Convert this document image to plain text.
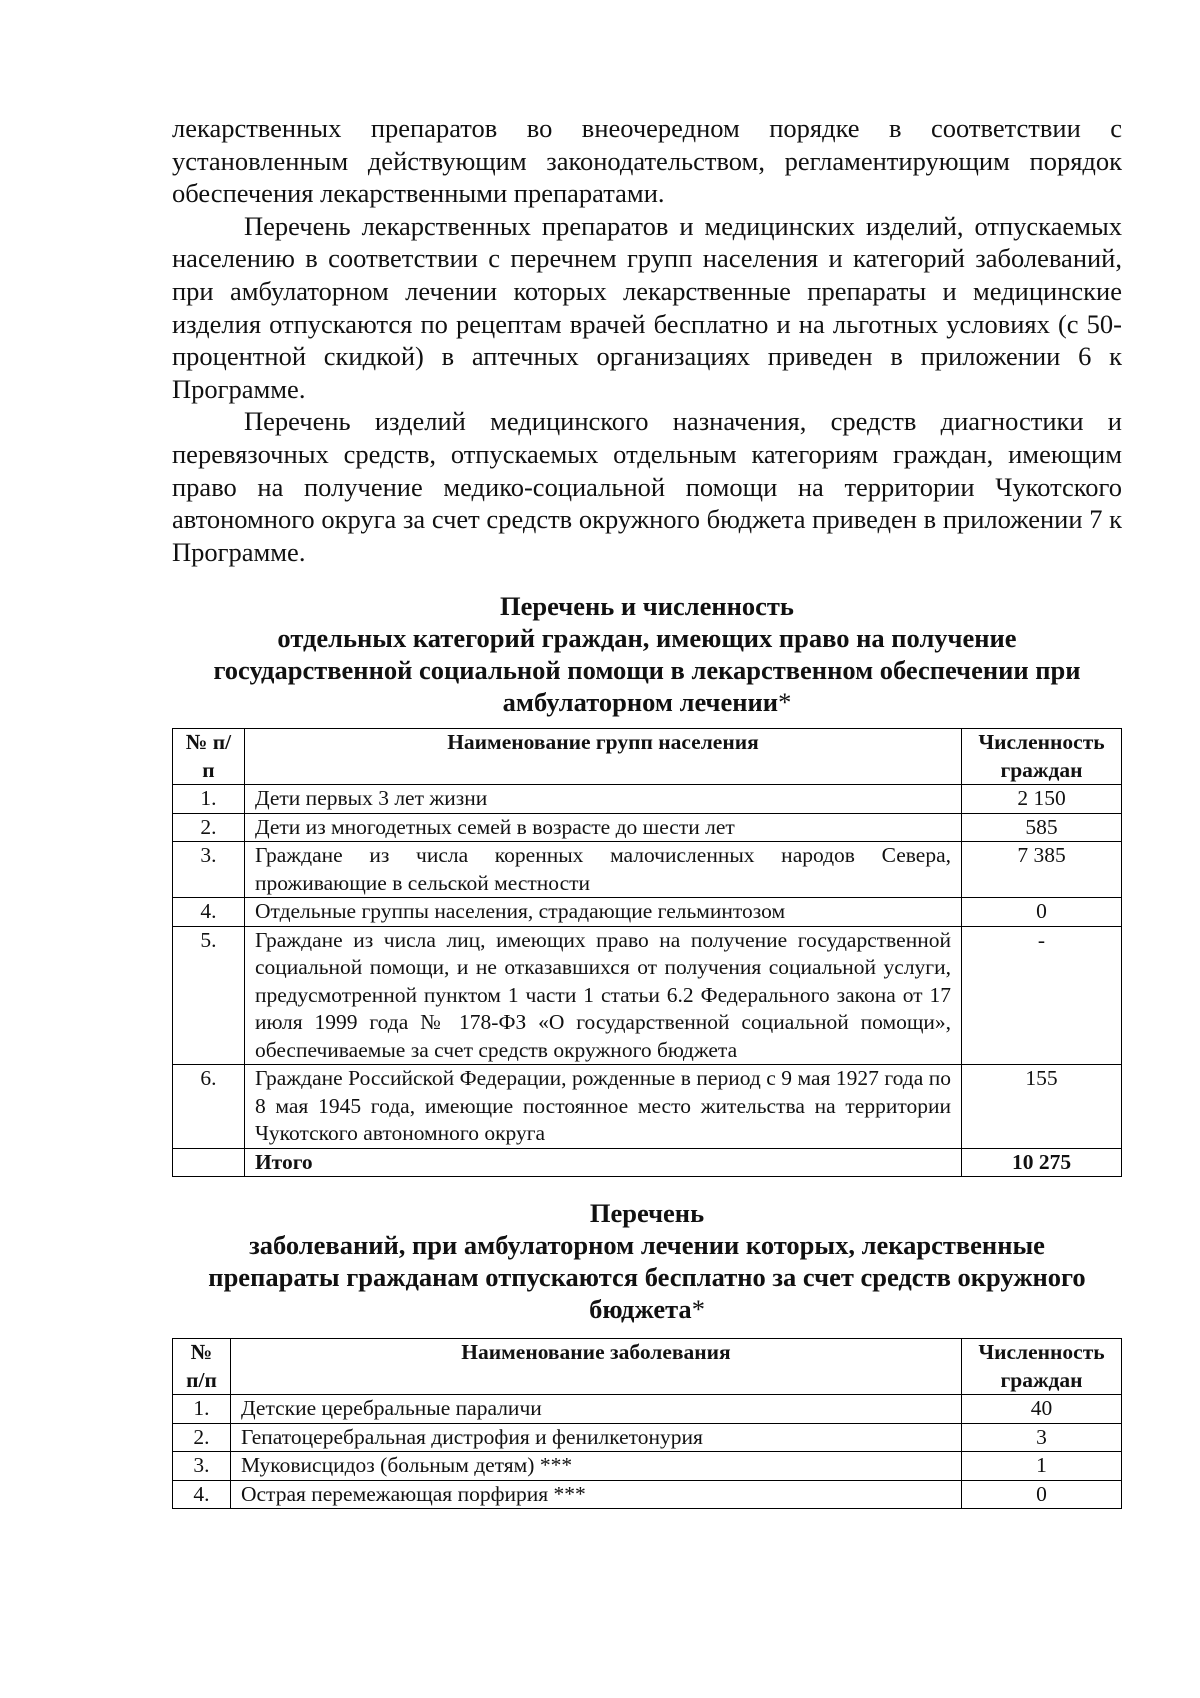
лекарственных препаратов во внеочередном порядке в соответствии с установленным действующим законодательством, регламентирующим порядок обеспечения лекарственными препаратами.

Перечень лекарственных препаратов и медицинских изделий, отпускаемых населению в соответствии с перечнем групп населения и категорий заболеваний, при амбулаторном лечении которых лекарственные препараты и медицинские изделия отпускаются по рецептам врачей бесплатно и на льготных условиях (с 50-процентной скидкой) в аптечных организациях приведен в приложении 6 к Программе.

Перечень изделий медицинского назначения, средств диагностики и перевязочных средств, отпускаемых отдельным категориям граждан, имеющим право на получение медико-социальной помощи на территории Чукотского автономного округа за счет средств окружного бюджета приведен в приложении 7 к Программе.

Перечень и численность
отдельных категорий граждан, имеющих право на получение
государственной социальной помощи в лекарственном обеспечении при
амбулаторном лечении*
№ п/п	Наименование групп населения	Численность граждан
1.	Дети первых 3 лет жизни	2 150
2.	Дети из многодетных семей в возрасте до шести лет	585
3.	Граждане из числа коренных малочисленных народов Севера, проживающие в сельской местности	7 385
4.	Отдельные группы населения, страдающие гельминтозом	0
5.	Граждане из числа лиц, имеющих право на получение государственной социальной помощи, и не отказавшихся от получения социальной услуги, предусмотренной пунктом 1 части 1 статьи 6.2 Федерального закона от 17 июля 1999 года № 178-ФЗ «О государственной социальной помощи», обеспечиваемые за счет средств окружного бюджета	-
6.	Граждане Российской Федерации, рожденные в период с 9 мая 1927 года по 8 мая 1945 года, имеющие постоянное место жительства на территории Чукотского автономного округа	155
	Итого	10 275
Перечень
заболеваний, при амбулаторном лечении которых, лекарственные
препараты гражданам отпускаются бесплатно за счет средств окружного
бюджета*
№ п/п	Наименование заболевания	Численность граждан
1.	Детские церебральные параличи	40
2.	Гепатоцеребральная дистрофия и фенилкетонурия	3
3.	Муковисцидоз (больным детям) ***	1
4.	Острая перемежающая порфирия ***	0
